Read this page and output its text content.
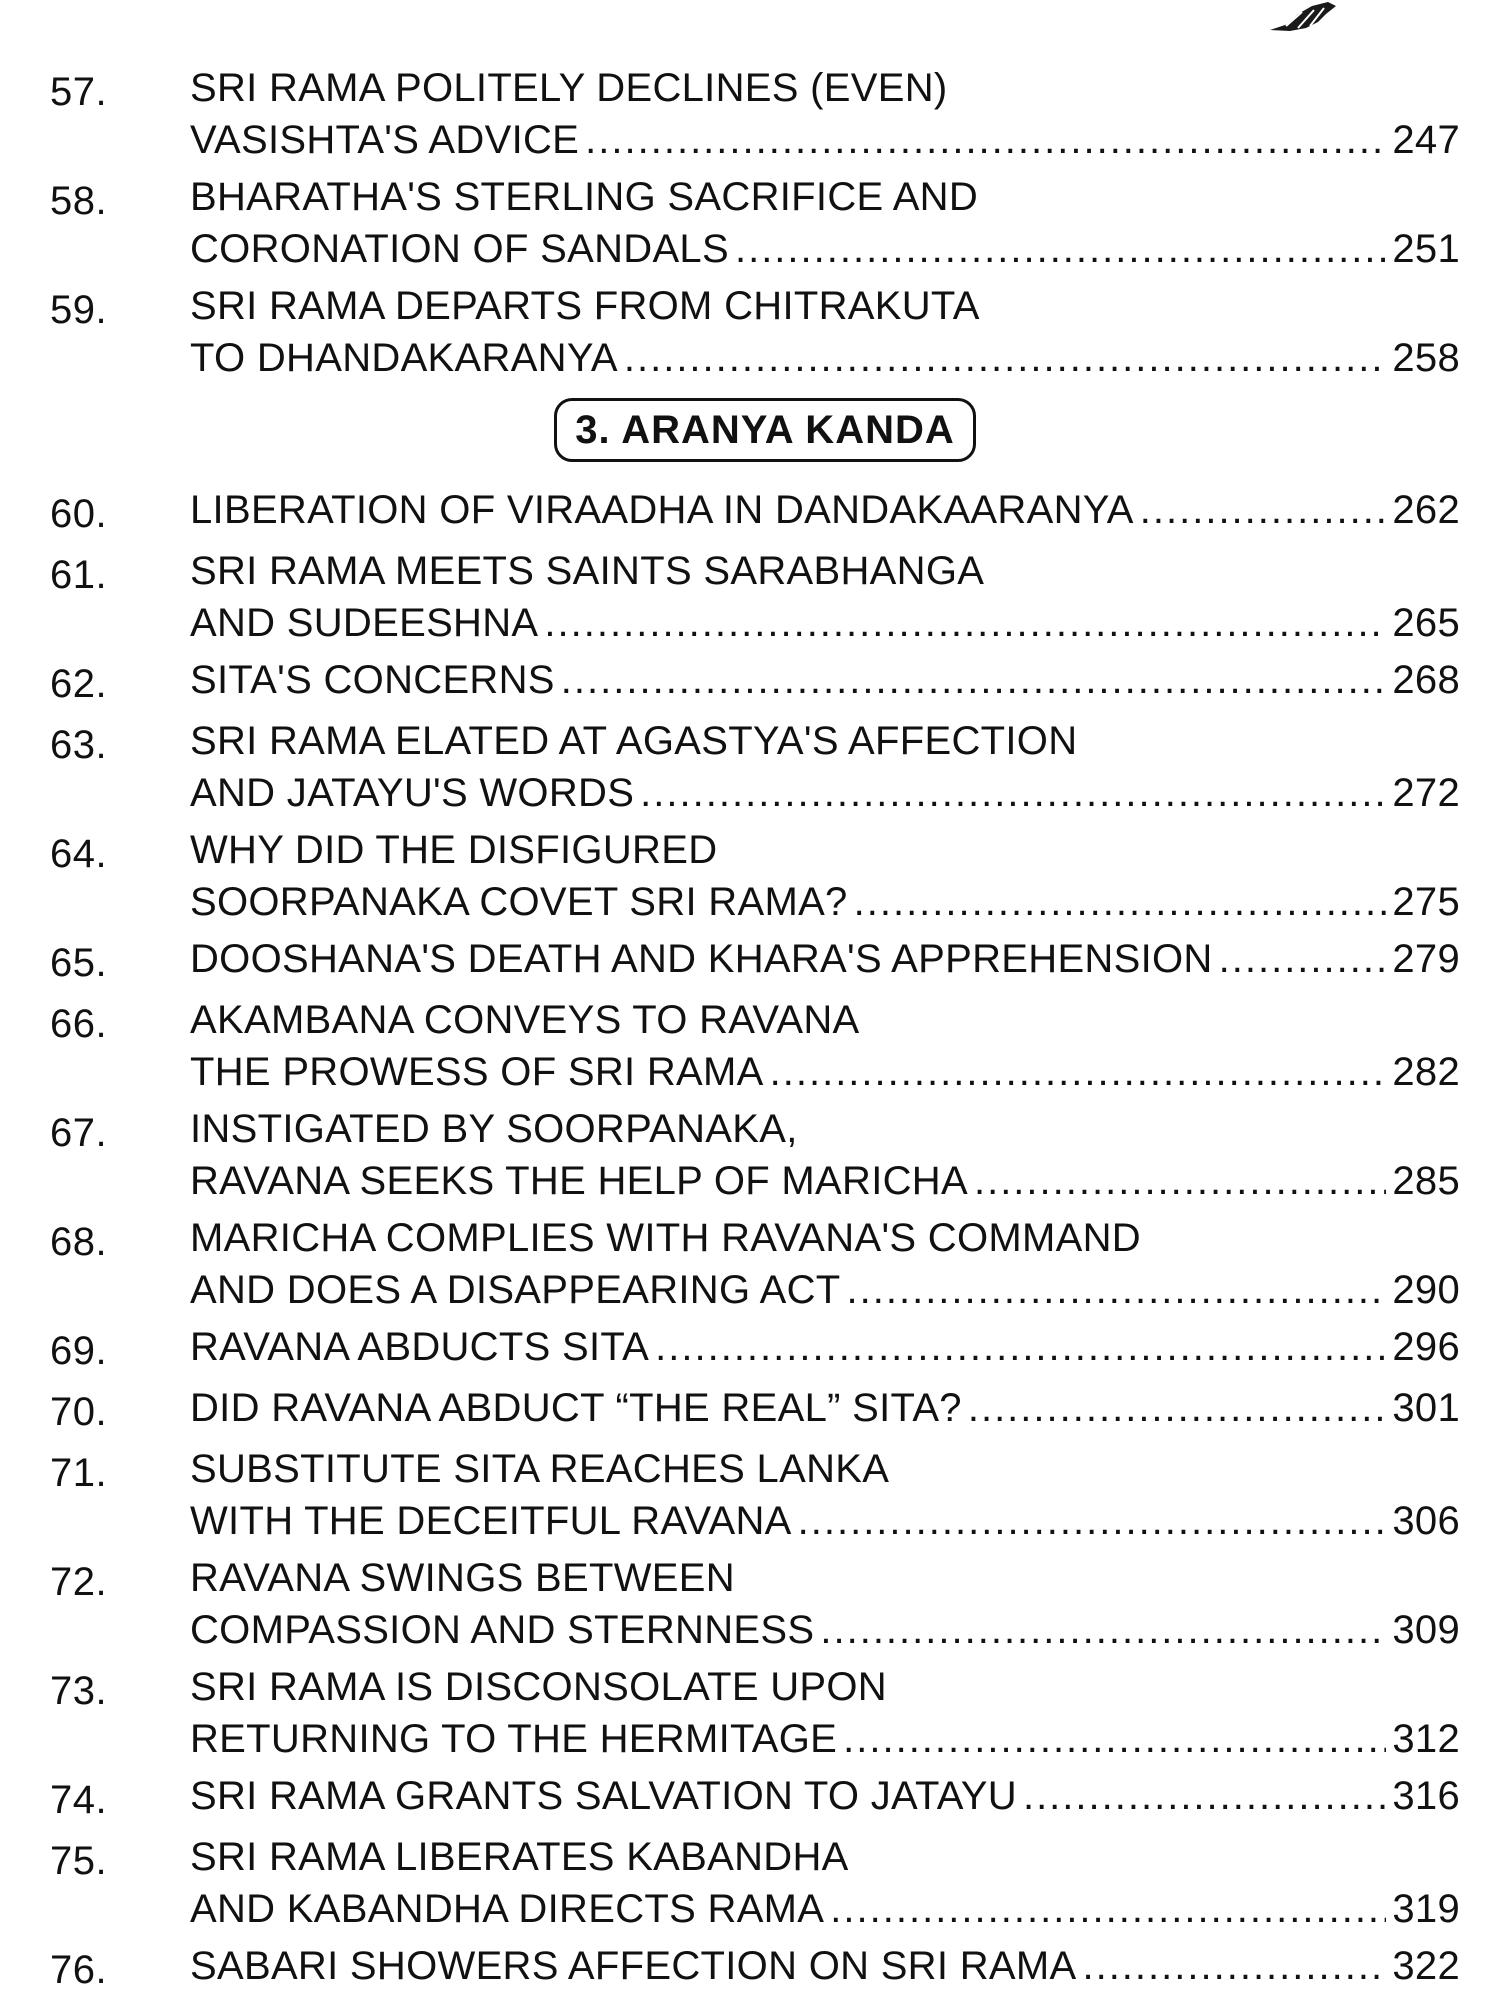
57.	SRI RAMA POLITELY DECLINES (EVEN)
VASISHTA'S ADVICE .....	247
58.	BHARATHA'S STERLING SACRIFICE AND
CORONATION OF SANDALS .....	251
59.	SRI RAMA DEPARTS FROM CHITRAKUTA
TO DHANDAKARANYA .....	258
3. ARANYA KANDA
60.	LIBERATION OF VIRAADHA IN DANDAKAARANYA .....	262
61.	SRI RAMA MEETS SAINTS SARABHANGA
AND SUDEESHNA .....	265
62.	SITA'S CONCERNS .....	268
63.	SRI RAMA ELATED AT AGASTYA'S AFFECTION
AND JATAYU'S WORDS .....	272
64.	WHY DID THE DISFIGURED
SOORPANAKA COVET SRI RAMA? .....	275
65.	DOOSHANA'S DEATH AND KHARA'S APPREHENSION .....	279
66.	AKAMBANA CONVEYS TO RAVANA
THE PROWESS OF SRI RAMA .....	282
67.	INSTIGATED BY SOORPANAKA,
RAVANA SEEKS THE HELP OF MARICHA .....	285
68.	MARICHA COMPLIES WITH RAVANA'S COMMAND
AND DOES A DISAPPEARING ACT .....	290
69.	RAVANA ABDUCTS SITA .....	296
70.	DID RAVANA ABDUCT “THE REAL” SITA? .....	301
71.	SUBSTITUTE SITA REACHES LANKA
WITH THE DECEITFUL RAVANA .....	306
72.	RAVANA SWINGS BETWEEN
COMPASSION AND STERNNESS .....	309
73.	SRI RAMA IS DISCONSOLATE UPON
RETURNING TO THE HERMITAGE .....	312
74.	SRI RAMA GRANTS SALVATION TO JATAYU .....	316
75.	SRI RAMA LIBERATES KABANDHA
AND KABANDHA DIRECTS RAMA .....	319
76.	SABARI SHOWERS AFFECTION ON SRI RAMA .....	322
